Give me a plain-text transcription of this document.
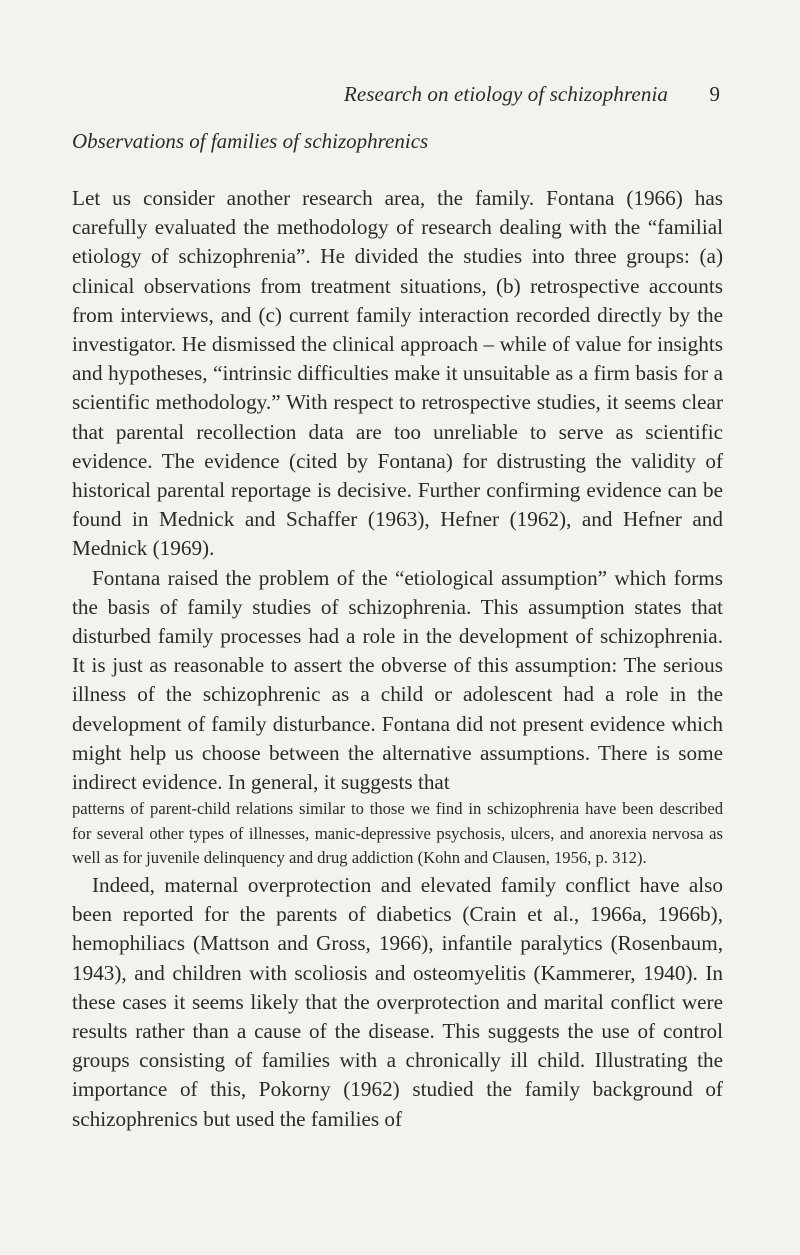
Research on etiology of schizophrenia 9
Observations of families of schizophrenics

Let us consider another research area, the family. Fontana (1966) has carefully evaluated the methodology of research dealing with the “familial etiology of schizophrenia”. He divided the studies into three groups: (a) clinical observations from treatment situations, (b) retrospective accounts from interviews, and (c) current family interaction recorded directly by the investigator. He dismissed the clinical approach – while of value for insights and hypotheses, “intrinsic difficulties make it unsuitable as a firm basis for a scientific methodology.” With respect to retrospective studies, it seems clear that parental recollection data are too unreliable to serve as scientific evidence. The evidence (cited by Fontana) for distrusting the validity of historical parental reportage is decisive. Further confirming evidence can be found in Mednick and Schaffer (1963), Hefner (1962), and Hefner and Mednick (1969).

Fontana raised the problem of the “etiological assumption” which forms the basis of family studies of schizophrenia. This assumption states that disturbed family processes had a role in the development of schizophrenia. It is just as reasonable to assert the obverse of this assumption: The serious illness of the schizophrenic as a child or adolescent had a role in the development of family disturbance. Fontana did not present evidence which might help us choose between the alternative assumptions. There is some indirect evidence. In general, it suggests that

patterns of parent-child relations similar to those we find in schizophrenia have been described for several other types of illnesses, manic-depressive psychosis, ulcers, and anorexia nervosa as well as for juvenile delinquency and drug addiction (Kohn and Clausen, 1956, p. 312).

Indeed, maternal overprotection and elevated family conflict have also been reported for the parents of diabetics (Crain et al., 1966a, 1966b), hemophiliacs (Mattson and Gross, 1966), infantile paralytics (Rosenbaum, 1943), and children with scoliosis and osteomyelitis (Kammerer, 1940). In these cases it seems likely that the overprotection and marital conflict were results rather than a cause of the disease. This suggests the use of control groups consisting of families with a chronically ill child. Illustrating the importance of this, Pokorny (1962) studied the family background of schizophrenics but used the families of
